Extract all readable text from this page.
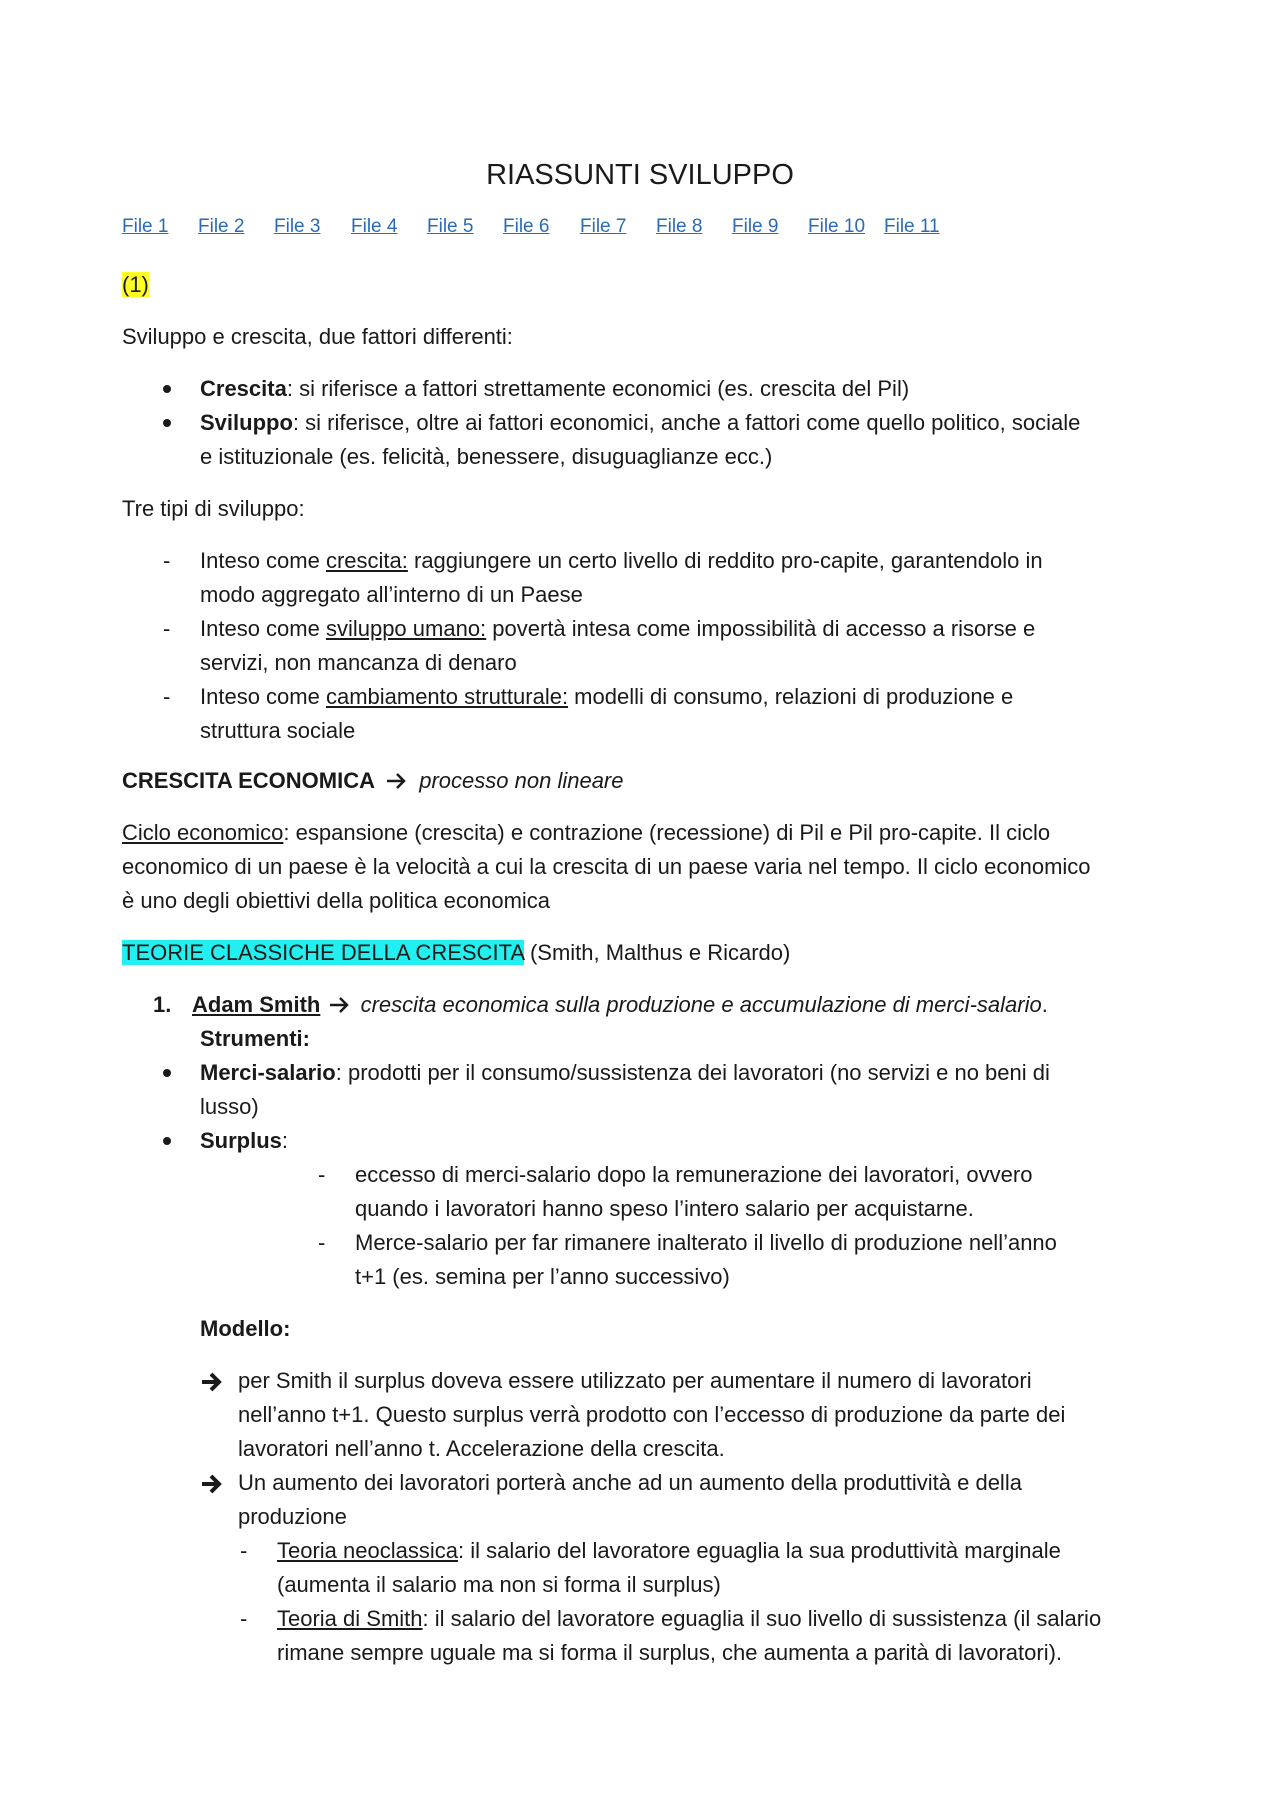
RIASSUNTI SVILUPPO
File 1 File 2 File 3 File 4 File 5 File 6 File 7 File 8 File 9 File 10 File 11
(1)
Sviluppo e crescita, due fattori differenti:
Crescita: si riferisce a fattori strettamente economici (es. crescita del Pil)
Sviluppo: si riferisce, oltre ai fattori economici, anche a fattori come quello politico, sociale
e istituzionale (es. felicità, benessere, disuguaglianze ecc.)
Tre tipi di sviluppo:
- Inteso come crescita: raggiungere un certo livello di reddito pro-capite, garantendolo in
modo aggregato all’interno di un Paese
- Inteso come sviluppo umano: povertà intesa come impossibilità di accesso a risorse e
servizi, non mancanza di denaro
- Inteso come cambiamento strutturale: modelli di consumo, relazioni di produzione e
struttura sociale
CRESCITA ECONOMICA processo non lineare
Ciclo economico: espansione (crescita) e contrazione (recessione) di Pil e Pil pro-capite. Il ciclo
economico di un paese è la velocità a cui la crescita di un paese varia nel tempo. Il ciclo economico
è uno degli obiettivi della politica economica
TEORIE CLASSICHE DELLA CRESCITA (Smith, Malthus e Ricardo)
1. Adam Smith crescita economica sulla produzione e accumulazione di merci-salario.
Strumenti:
Merci-salario: prodotti per il consumo/sussistenza dei lavoratori (no servizi e no beni di
lusso)
Surplus:
- eccesso di merci-salario dopo la remunerazione dei lavoratori, ovvero
quando i lavoratori hanno speso l’intero salario per acquistarne.
- Merce-salario per far rimanere inalterato il livello di produzione nell’anno
t+1 (es. semina per l’anno successivo)
Modello:
per Smith il surplus doveva essere utilizzato per aumentare il numero di lavoratori
nell’anno t+1. Questo surplus verrà prodotto con l’eccesso di produzione da parte dei
lavoratori nell’anno t. Accelerazione della crescita.
Un aumento dei lavoratori porterà anche ad un aumento della produttività e della
produzione
- Teoria neoclassica: il salario del lavoratore eguaglia la sua produttività marginale
(aumenta il salario ma non si forma il surplus)
- Teoria di Smith: il salario del lavoratore eguaglia il suo livello di sussistenza (il salario
rimane sempre uguale ma si forma il surplus, che aumenta a parità di lavoratori).
